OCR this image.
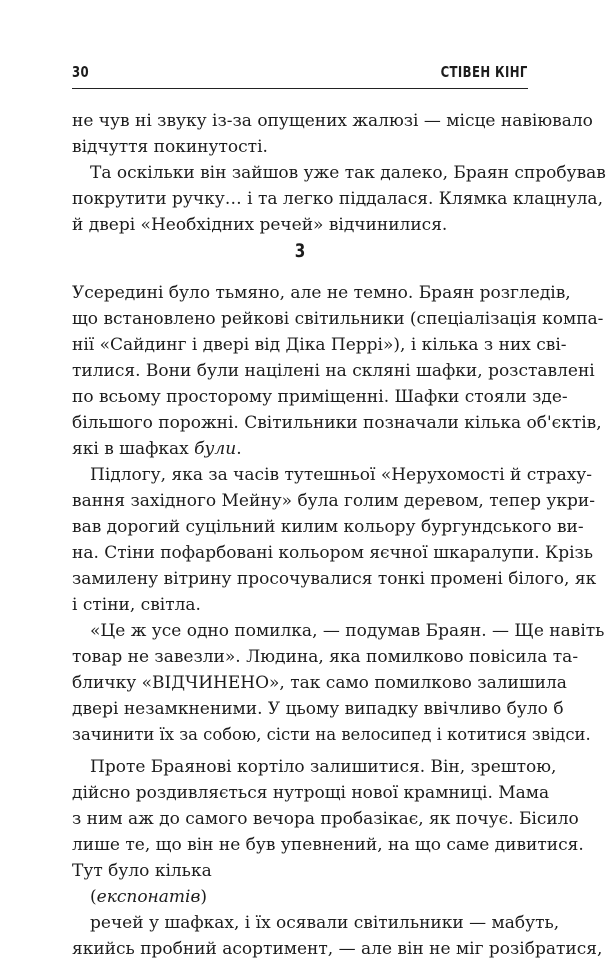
30	СТІВЕН КІНГ
не чув ні звуку із-за опущених жалюзі — місце навіювало
відчуття покинутості.
Та оскільки він зайшов уже так далеко, Браян спробував
покрутити ручку… і та легко піддалася. Клямка клацнула,
й двері «Необхідних речей» відчинилися.
3
Усередині було тьмяно, але не темно. Браян розгледів,
що встановлено рейкові світильники (спеціалізація компа-
нії «Сайдинг і двері від Діка Перрі»), і кілька з них сві-
тилися. Вони були націлені на скляні шафки, розставлені
по всьому просторому приміщенні. Шафки стояли зде-
більшого порожні. Світильники позначали кілька об'єктів,
які в шафках були.
Підлогу, яка за часів тутешньої «Нерухомості й страху-
вання західного Мейну» була голим деревом, тепер укри-
вав дорогий суцільний килим кольору бургундського ви-
на. Стіни пофарбовані кольором яєчної шкаралупи. Крізь
замилену вітрину просочувалися тонкі промені білого, як
і стіни, світла.
«Це ж усе одно помилка, — подумав Браян. — Ще навіть
товар не завезли». Людина, яка помилково повісила та-
бличку «ВІДЧИНЕНО», так само помилково залишила
двері незамкненими. У цьому випадку ввічливо було б
зачинити їх за собою, сісти на велосипед і котитися звідси.
Проте Браянові кортіло залишитися. Він, зрештою,
дійсно роздивляється нутрощі нової крамниці. Мама
з ним аж до самого вечора пробазікає, як почує. Бісило
лише те, що він не був упевнений, на що саме дивитися.
Тут було кілька
(експонатів)
речей у шафках, і їх осявали світильники — мабуть,
якийсь пробний асортимент, — але він не міг розібратися,
